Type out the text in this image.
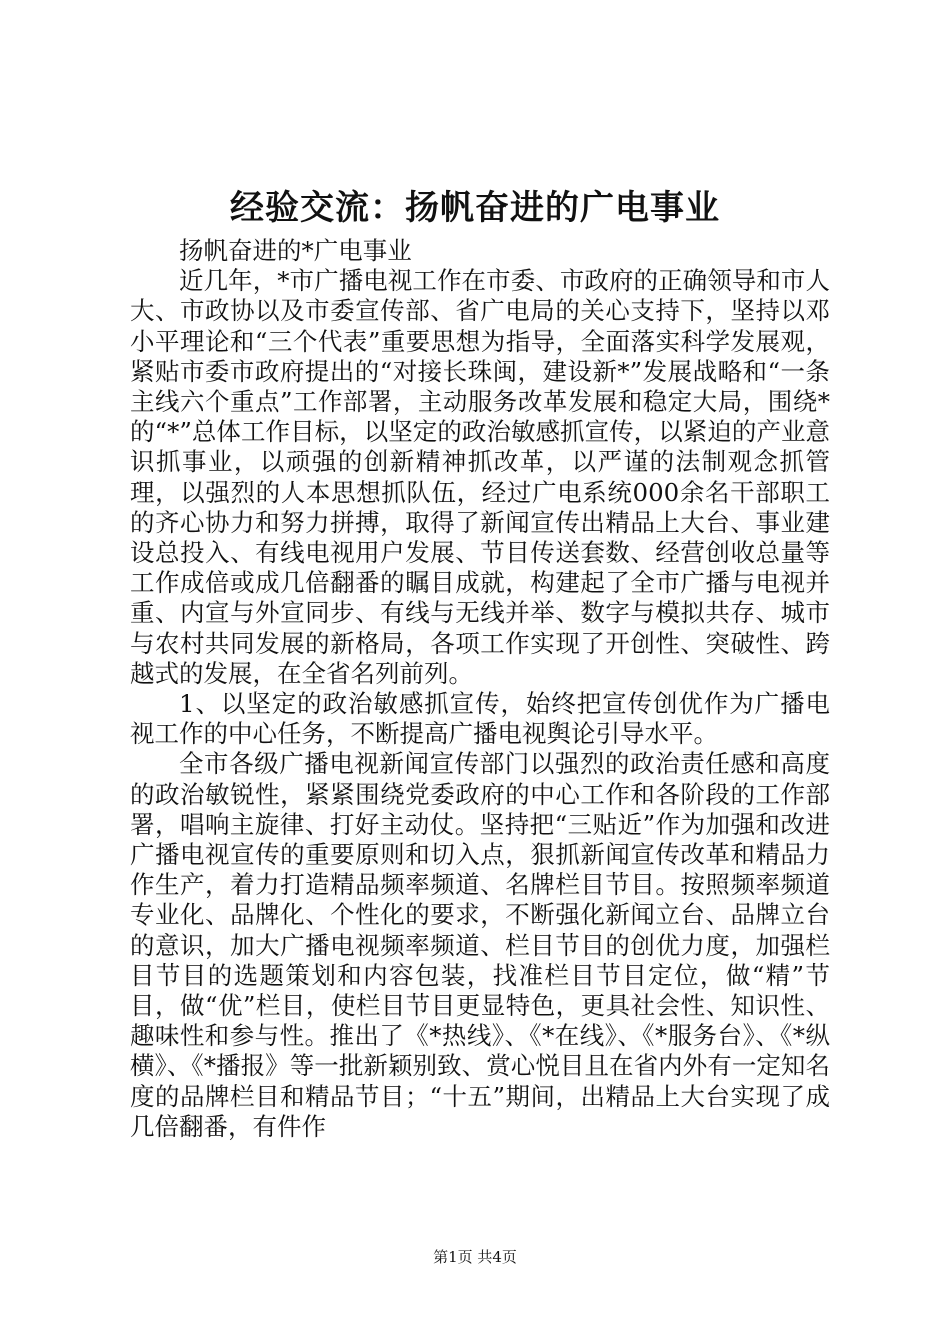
经验交流：扬帆奋进的广电事业

扬帆奋进的*广电事业

近几年，*市广播电视工作在市委、市政府的正确领导和市人大、市政协以及市委宣传部、省广电局的关心支持下，坚持以邓小平理论和“三个代表”重要思想为指导，全面落实科学发展观，紧贴市委市政府提出的“对接长珠闽，建设新*”发展战略和“一条主线六个重点”工作部署，主动服务改革发展和稳定大局，围绕*的“*”总体工作目标，以坚定的政治敏感抓宣传，以紧迫的产业意识抓事业，以顽强的创新精神抓改革，以严谨的法制观念抓管理，以强烈的人本思想抓队伍，经过广电系统000余名干部职工的齐心协力和努力拼搏，取得了新闻宣传出精品上大台、事业建设总投入、有线电视用户发展、节目传送套数、经营创收总量等工作成倍或成几倍翻番的瞩目成就，构建起了全市广播与电视并重、内宣与外宣同步、有线与无线并举、数字与模拟共存、城市与农村共同发展的新格局，各项工作实现了开创性、突破性、跨越式的发展，在全省名列前列。

1、以坚定的政治敏感抓宣传，始终把宣传创优作为广播电视工作的中心任务，不断提高广播电视舆论引导水平。

全市各级广播电视新闻宣传部门以强烈的政治责任感和高度的政治敏锐性，紧紧围绕党委政府的中心工作和各阶段的工作部署，唱响主旋律、打好主动仗。坚持把“三贴近”作为加强和改进广播电视宣传的重要原则和切入点，狠抓新闻宣传改革和精品力作生产，着力打造精品频率频道、名牌栏目节目。按照频率频道专业化、品牌化、个性化的要求，不断强化新闻立台、品牌立台的意识，加大广播电视频率频道、栏目节目的创优力度，加强栏目节目的选题策划和内容包装，找准栏目节目定位，做“精”节目，做“优”栏目，使栏目节目更显特色，更具社会性、知识性、趣味性和参与性。推出了《*热线》、《*在线》、《*服务台》、《*纵横》、《*播报》等一批新颖别致、赏心悦目且在省内外有一定知名度的品牌栏目和精品节目；“十五”期间，出精品上大台实现了成几倍翻番，有件作

第1页 共4页
